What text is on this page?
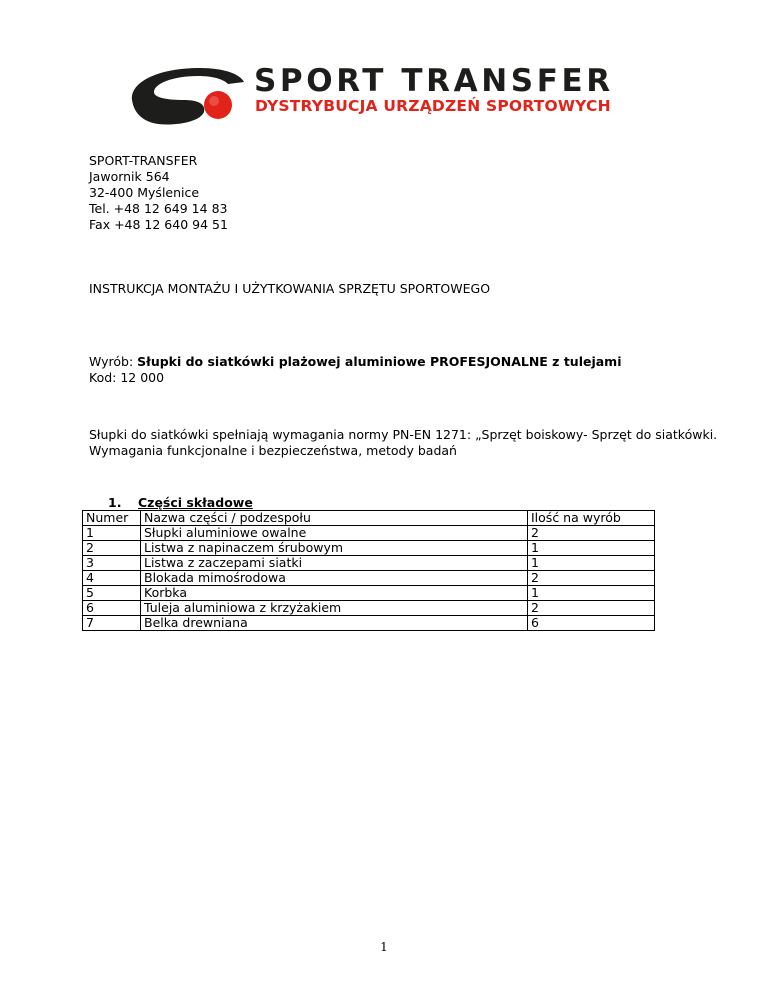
SPORT TRANSFER
DYSTRYBUCJA URZĄDZEŃ SPORTOWYCH
SPORT-TRANSFER
Jawornik 564
32-400 Myślenice
Tel. +48 12 649 14 83
Fax +48 12 640 94 51
INSTRUKCJA MONTAŻU I UŻYTKOWANIA SPRZĘTU SPORTOWEGO
Wyrób: Słupki do siatkówki plażowej aluminiowe PROFESJONALNE z tulejami
Kod: 12 000
Słupki do siatkówki spełniają wymagania normy PN-EN 1271: „Sprzęt boiskowy- Sprzęt do siatkówki.
Wymagania funkcjonalne i bezpieczeństwa, metody badań
1. Części składowe
Numer	Nazwa części / podzespołu	Ilość na wyrób
1	Słupki aluminiowe owalne	2
2	Listwa z napinaczem śrubowym	1
3	Listwa z zaczepami siatki	1
4	Blokada mimośrodowa	2
5	Korbka	1
6	Tuleja aluminiowa z krzyżakiem	2
7	Belka drewniana	6
1
